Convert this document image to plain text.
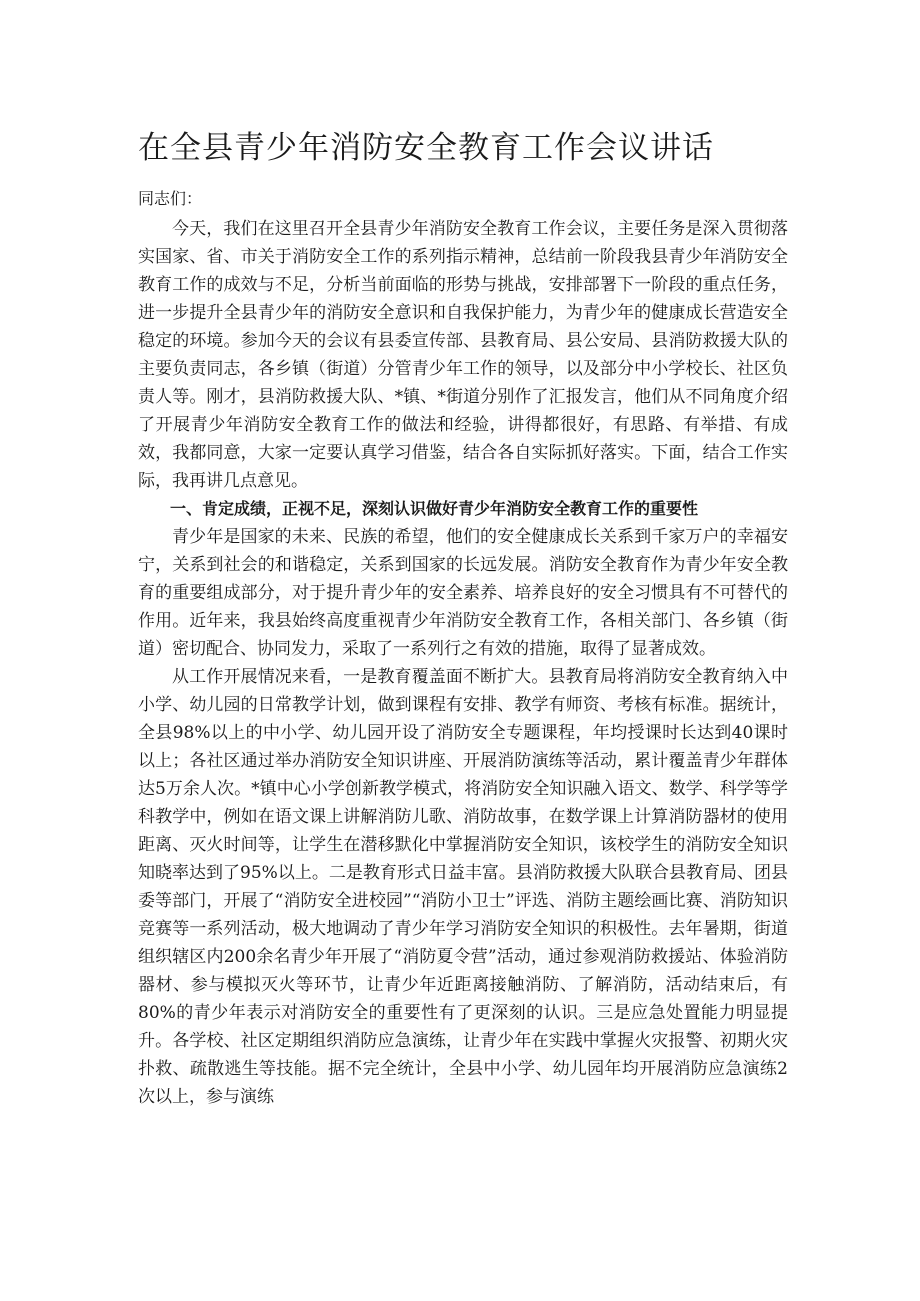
在全县青少年消防安全教育工作会议讲话

同志们：

今天，我们在这里召开全县青少年消防安全教育工作会议，主要任务是深入贯彻落实国家、省、市关于消防安全工作的系列指示精神，总结前一阶段我县青少年消防安全教育工作的成效与不足，分析当前面临的形势与挑战，安排部署下一阶段的重点任务，进一步提升全县青少年的消防安全意识和自我保护能力，为青少年的健康成长营造安全稳定的环境。参加今天的会议有县委宣传部、县教育局、县公安局、县消防救援大队的主要负责同志，各乡镇（街道）分管青少年工作的领导，以及部分中小学校长、社区负责人等。刚才，县消防救援大队、*镇、*街道分别作了汇报发言，他们从不同角度介绍了开展青少年消防安全教育工作的做法和经验，讲得都很好，有思路、有举措、有成效，我都同意，大家一定要认真学习借鉴，结合各自实际抓好落实。下面，结合工作实际，我再讲几点意见。

一、肯定成绩，正视不足，深刻认识做好青少年消防安全教育工作的重要性

青少年是国家的未来、民族的希望，他们的安全健康成长关系到千家万户的幸福安宁，关系到社会的和谐稳定，关系到国家的长远发展。消防安全教育作为青少年安全教育的重要组成部分，对于提升青少年的安全素养、培养良好的安全习惯具有不可替代的作用。近年来，我县始终高度重视青少年消防安全教育工作，各相关部门、各乡镇（街道）密切配合、协同发力，采取了一系列行之有效的措施，取得了显著成效。

从工作开展情况来看，一是教育覆盖面不断扩大。县教育局将消防安全教育纳入中小学、幼儿园的日常教学计划，做到课程有安排、教学有师资、考核有标准。据统计，全县98%以上的中小学、幼儿园开设了消防安全专题课程，年均授课时长达到40课时以上；各社区通过举办消防安全知识讲座、开展消防演练等活动，累计覆盖青少年群体达5万余人次。*镇中心小学创新教学模式，将消防安全知识融入语文、数学、科学等学科教学中，例如在语文课上讲解消防儿歌、消防故事，在数学课上计算消防器材的使用距离、灭火时间等，让学生在潜移默化中掌握消防安全知识，该校学生的消防安全知识知晓率达到了95%以上。二是教育形式日益丰富。县消防救援大队联合县教育局、团县委等部门，开展了“消防安全进校园”“消防小卫士”评选、消防主题绘画比赛、消防知识竞赛等一系列活动，极大地调动了青少年学习消防安全知识的积极性。去年暑期，街道组织辖区内200余名青少年开展了“消防夏令营”活动，通过参观消防救援站、体验消防器材、参与模拟灭火等环节，让青少年近距离接触消防、了解消防，活动结束后，有80%的青少年表示对消防安全的重要性有了更深刻的认识。三是应急处置能力明显提升。各学校、社区定期组织消防应急演练，让青少年在实践中掌握火灾报警、初期火灾扑救、疏散逃生等技能。据不完全统计，全县中小学、幼儿园年均开展消防应急演练2次以上，参与演练
